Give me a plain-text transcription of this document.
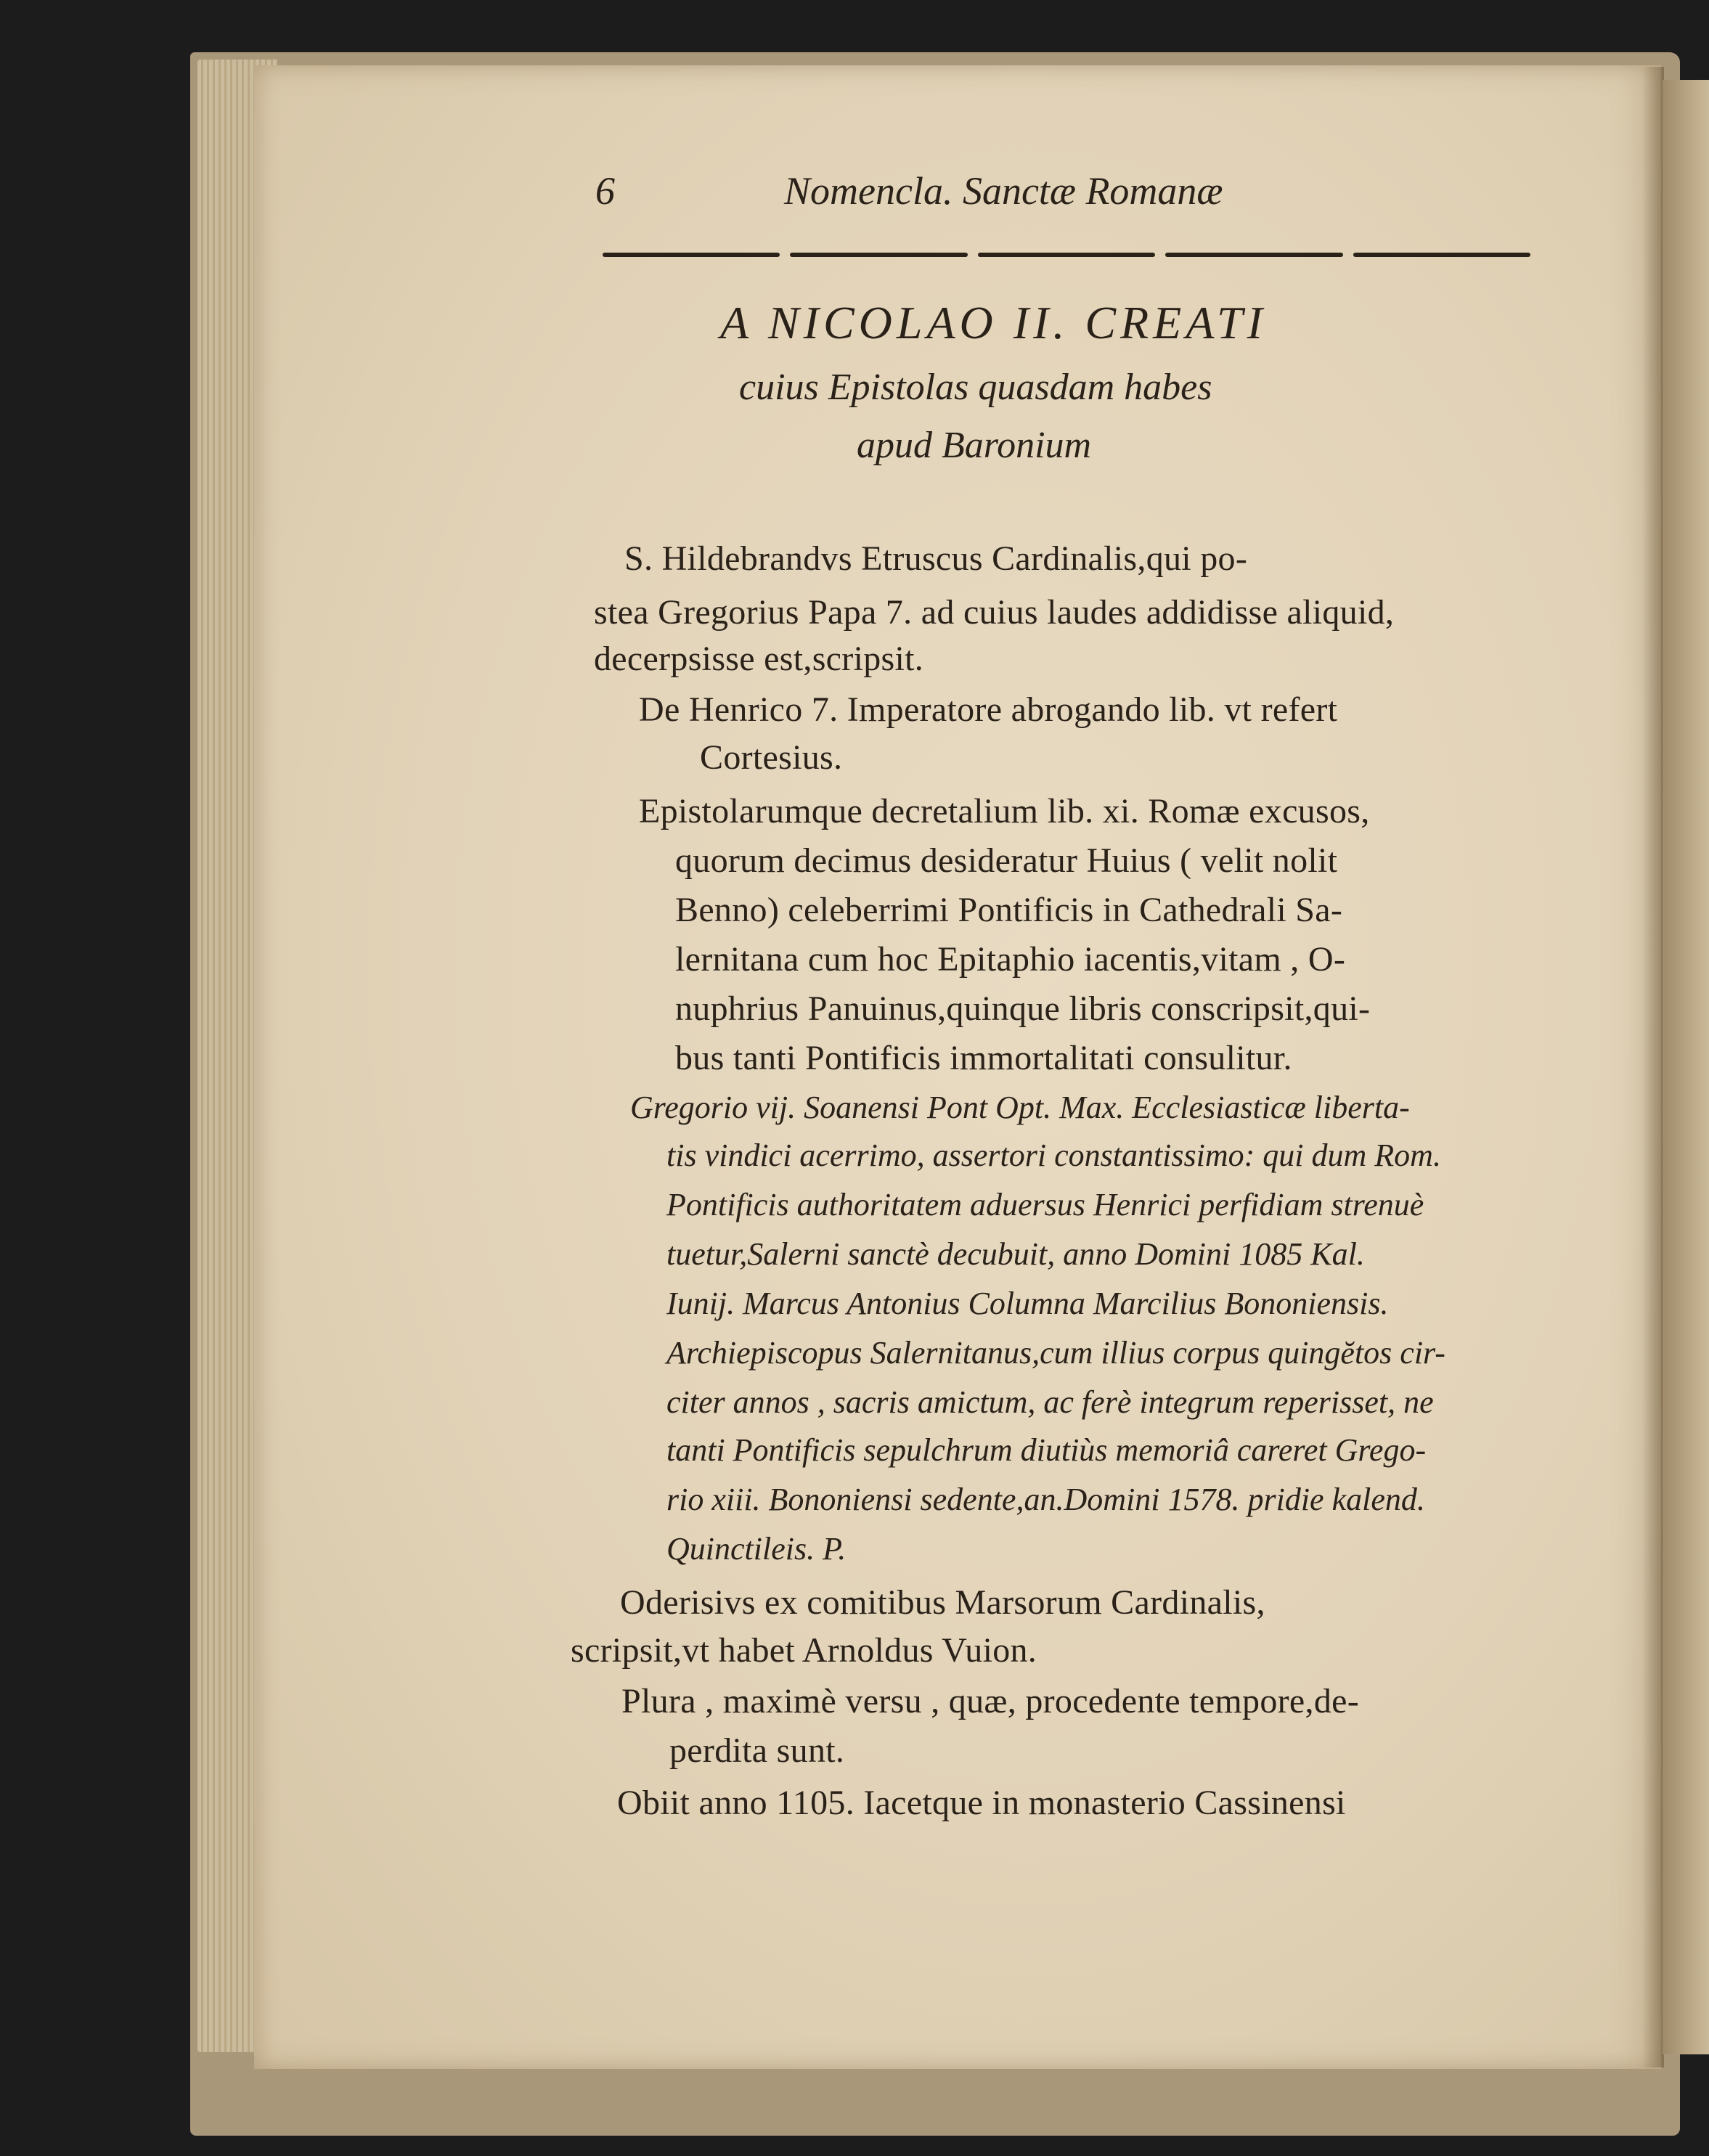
6	Nomencla. Sanctæ Romanæ
A NICOLAO II. CREATI
cuius Epistolas quasdam habes
apud Baronium
S. Hildebrandvs Etruscus Cardinalis,qui po-
stea Gregorius Papa 7. ad cuius laudes addidisse aliquid,
decerpsisse est,scripsit.
De Henrico 7. Imperatore abrogando lib. vt refert
Cortesius.
Epistolarumque decretalium lib. xi. Romæ excusos,
quorum decimus desideratur Huius ( velit nolit
Benno) celeberrimi Pontificis in Cathedrali Sa-
lernitana cum hoc Epitaphio iacentis,vitam , O-
nuphrius Panuinus,quinque libris conscripsit,qui-
bus tanti Pontificis immortalitati consulitur.
Gregorio vij. Soanensi Pont Opt. Max. Ecclesiasticæ liberta-
tis vindici acerrimo, assertori constantissimo: qui dum Rom.
Pontificis authoritatem aduersus Henrici perfidiam strenuè
tuetur,Salerni sanctè decubuit, anno Domini 1085 Kal.
Iunij. Marcus Antonius Columna Marcilius Bononiensis.
Archiepiscopus Salernitanus,cum illius corpus quingĕtos cir-
citer annos , sacris amictum, ac ferè integrum reperisset, ne
tanti Pontificis sepulchrum diutiùs memoriâ careret Grego-
rio xiii. Bononiensi sedente,an.Domini 1578. pridie kalend.
Quinctileis. P.
Oderisivs ex comitibus Marsorum Cardinalis,
scripsit,vt habet Arnoldus Vuion.
Plura , maximè versu , quæ, procedente tempore,de-
perdita sunt.
Obiit anno 1105. Iacetque in monasterio Cassinensi
